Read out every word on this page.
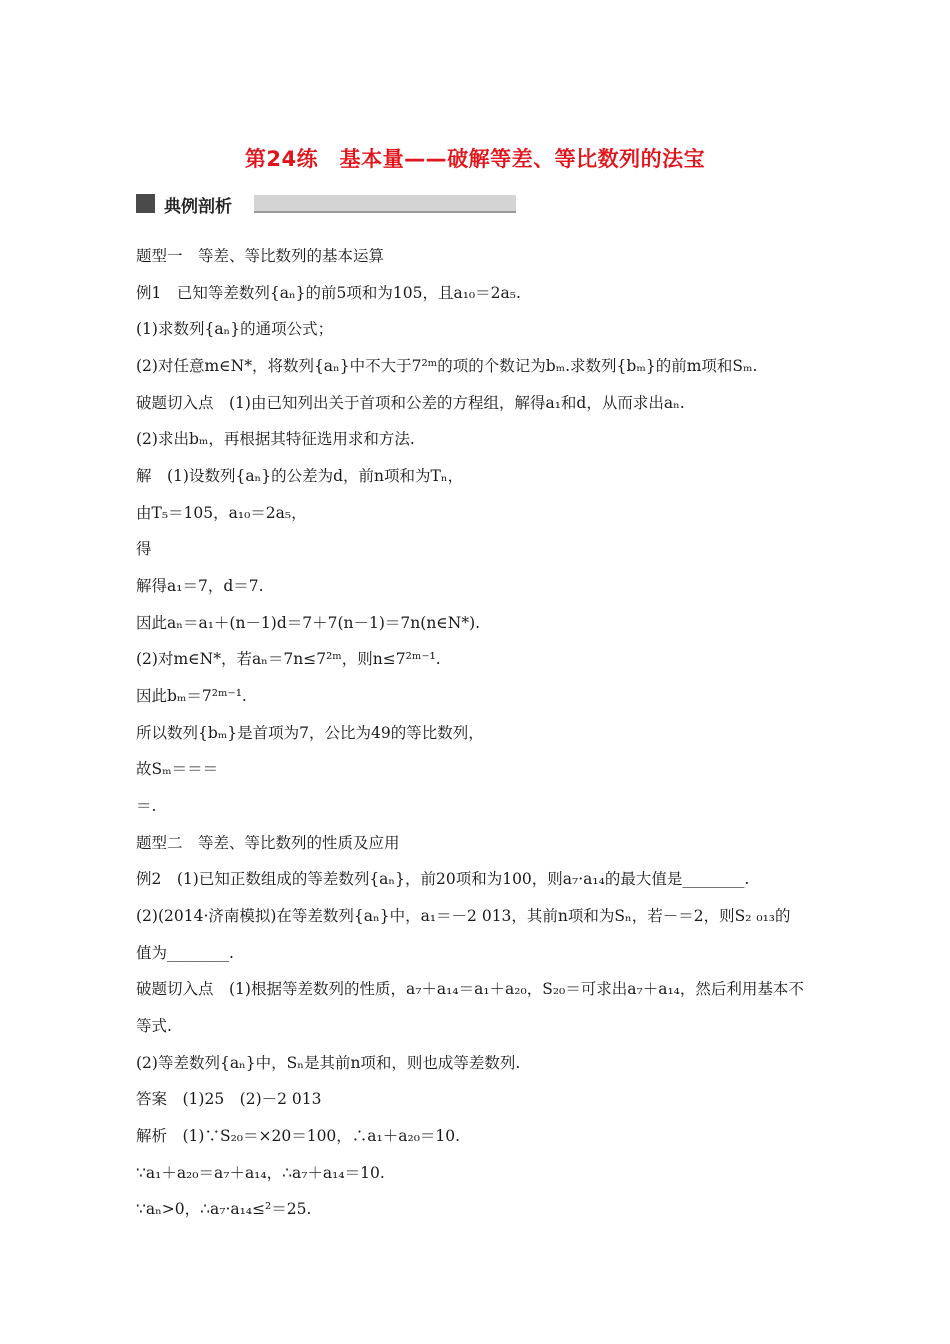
第24练　基本量——破解等差、等比数列的法宝
典例剖析
题型一　等差、等比数列的基本运算
例1　已知等差数列{aₙ}的前5项和为105，且a₁₀＝2a₅.
(1)求数列{aₙ}的通项公式；
(2)对任意m∈N*，将数列{aₙ}中不大于7²ᵐ的项的个数记为bₘ.求数列{bₘ}的前m项和Sₘ.
破题切入点　(1)由已知列出关于首项和公差的方程组，解得a₁和d，从而求出aₙ.
(2)求出bₘ，再根据其特征选用求和方法.
解　(1)设数列{aₙ}的公差为d，前n项和为Tₙ，
由T₅＝105，a₁₀＝2a₅，
得
解得a₁＝7，d＝7.
因此aₙ＝a₁＋(n－1)d＝7＋7(n－1)＝7n(n∈N*).
(2)对m∈N*，若aₙ＝7n≤7²ᵐ，则n≤7²ᵐ⁻¹.
因此bₘ＝7²ᵐ⁻¹.
所以数列{bₘ}是首项为7，公比为49的等比数列，
故Sₘ＝＝＝
＝.
题型二　等差、等比数列的性质及应用
例2　(1)已知正数组成的等差数列{aₙ}，前20项和为100，则a₇·a₁₄的最大值是________.
(2)(2014·济南模拟)在等差数列{aₙ}中，a₁＝－2 013，其前n项和为Sₙ，若－＝2，则S₂ ₀₁₃的
值为________.
破题切入点　(1)根据等差数列的性质，a₇＋a₁₄＝a₁＋a₂₀，S₂₀＝可求出a₇＋a₁₄，然后利用基本不
等式.
(2)等差数列{aₙ}中，Sₙ是其前n项和，则也成等差数列.
答案　(1)25　(2)－2 013
解析　(1)∵S₂₀＝×20＝100，∴a₁＋a₂₀＝10.
∵a₁＋a₂₀＝a₇＋a₁₄，∴a₇＋a₁₄＝10.
∵aₙ>0，∴a₇·a₁₄≤²＝25.
